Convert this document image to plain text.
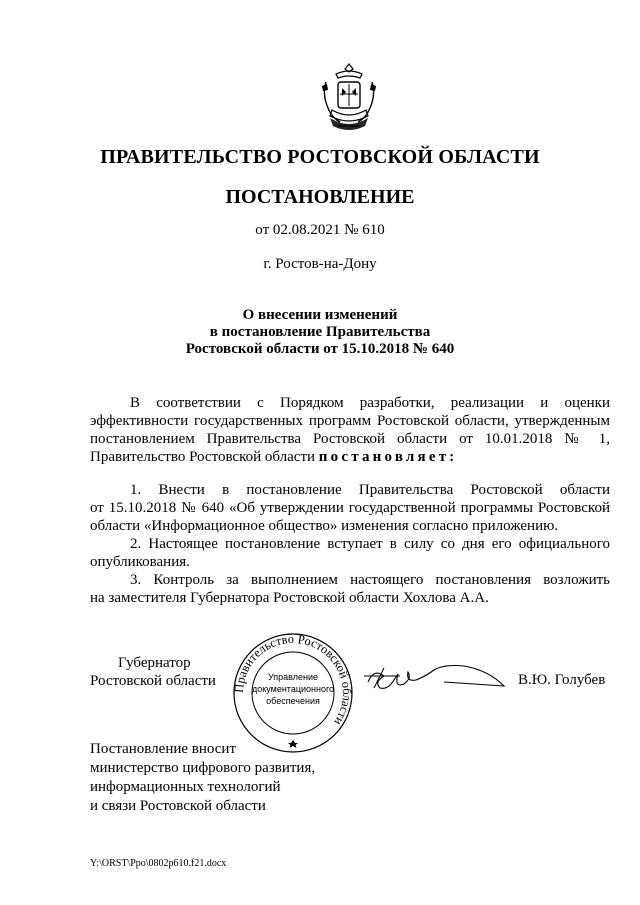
ПРАВИТЕЛЬСТВО РОСТОВСКОЙ ОБЛАСТИ
ПОСТАНОВЛЕНИЕ
от 02.08.2021 № 610
г. Ростов-на-Дону
О внесении изменений
в постановление Правительства
Ростовской области от 15.10.2018 № 640
В соответствии с Порядком разработки, реализации и оценки
эффективности государственных программ Ростовской области, утвержденным
постановлением Правительства Ростовской области от 10.01.2018 № 1,
Правительство Ростовской области постановляет:
1. Внести в постановление Правительства Ростовской области
от 15.10.2018 № 640 «Об утверждении государственной программы Ростовской
области «Информационное общество» изменения согласно приложению.
2. Настоящее постановление вступает в силу со дня его официального
опубликования.
3. Контроль за выполнением настоящего постановления возложить
на заместителя Губернатора Ростовской области Хохлова А.А.
Губернатор
Ростовской области Правительство Ростовской области
Управление
документационного
обеспечения
В.Ю. Голубев
Постановление вносит
министерство цифрового развития,
информационных технологий
и связи Ростовской области
Y:\ORST\Ppo\0802p610.f21.docx
